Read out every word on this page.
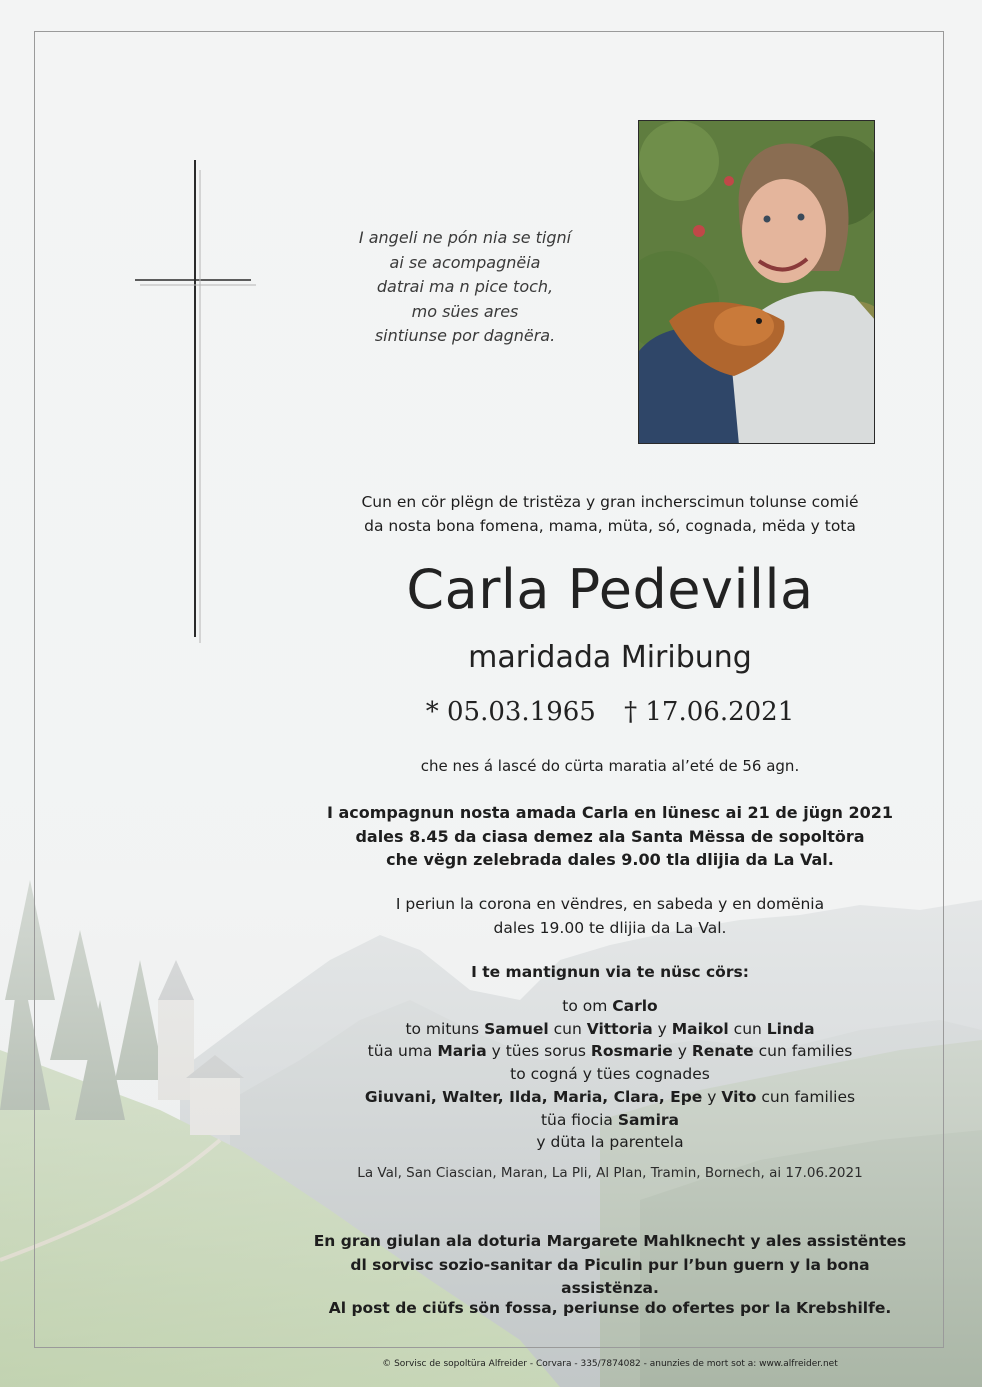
I angeli ne pón nia se tigní
ai se acompagnëia
datrai ma n pice toch,
mo sües ares
sintiunse por dagnëra.
Cun en cör plëgn de tristëza y gran incherscimun tolunse comié
da nosta bona fomena, mama, müta, só, cognada, mëda y tota
Carla Pedevilla
maridada Miribung
* 05.03.1965 † 17.06.2021
che nes á lascé do cürta maratia al’eté de 56 agn.
I acompagnun nosta amada Carla en lünesc ai 21 de jügn 2021
dales 8.45 da ciasa demez ala Santa Mëssa de sopoltöra
che vëgn zelebrada dales 9.00 tla dlijia da La Val.
I periun la corona en vëndres, en sabeda y en domënia
dales 19.00 te dlijia da La Val.
I te mantignun via te nüsc cörs:
to om Carlo
to mituns Samuel cun Vittoria y Maikol cun Linda
tüa uma Maria y tües sorus Rosmarie y Renate cun families
to cogná y tües cognades
Giuvani, Walter, Ilda, Maria, Clara, Epe y Vito cun families
tüa fiocia Samira
y düta la parentela
La Val, San Ciascian, Maran, La Pli, Al Plan, Tramin, Bornech, ai 17.06.2021
En gran giulan ala doturia Margarete Mahlknecht y ales assistëntes
dl sorvisc sozio-sanitar da Piculin pur l’bun guern y la bona assistënza.
Al post de ciüfs sön fossa, periunse do ofertes por la Krebshilfe.
© Sorvisc de sopoltüra Alfreider - Corvara - 335/7874082 - anunzies de mort sot a: www.alfreider.net
